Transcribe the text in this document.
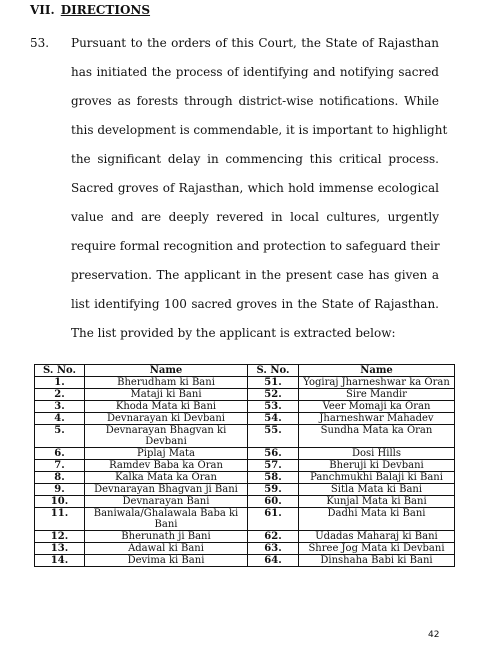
VII. DIRECTIONS
53. Pursuant to the orders of this Court, the State of Rajasthan
has initiated the process of identifying and notifying sacred
groves as forests through district-wise notifications. While
this development is commendable, it is important to highlight
the significant delay in commencing this critical process.
Sacred groves of Rajasthan, which hold immense ecological
value and are deeply revered in local cultures, urgently
require formal recognition and protection to safeguard their
preservation. The applicant in the present case has given a
list identifying 100 sacred groves in the State of Rajasthan.
The list provided by the applicant is extracted below:
S. No.	Name	S. No.	Name
1.	Bherudham ki Bani	51.	Yogiraj Jharneshwar ka Oran
2.	Mataji ki Bani	52.	Sire Mandir
3.	Khoda Mata ki Bani	53.	Veer Momaji ka Oran
4.	Devnarayan ki Devbani	54.	Jharneshwar Mahadev
5.	Devnarayan Bhagvan ki Devbani	55.	Sundha Mata ka Oran
6.	Piplaj Mata	56.	Dosi Hills
7.	Ramdev Baba ka Oran	57.	Bheruji ki Devbani
8.	Kalka Mata ka Oran	58.	Panchmukhi Balaji ki Bani
9.	Devnarayan Bhagvan ji Bani	59.	Sitla Mata ki Bani
10.	Devnarayan Bani	60.	Kunjal Mata ki Bani
11.	Baniwala/Ghalawala Baba ki Bani	61.	Dadhi Mata ki Bani
12.	Bherunath ji Bani	62.	Udadas Maharaj ki Bani
13.	Adawal ki Bani	63.	Shree Jog Mata ki Devbani
14.	Devima ki Bani	64.	Dinshaha Babi ki Bani
42
